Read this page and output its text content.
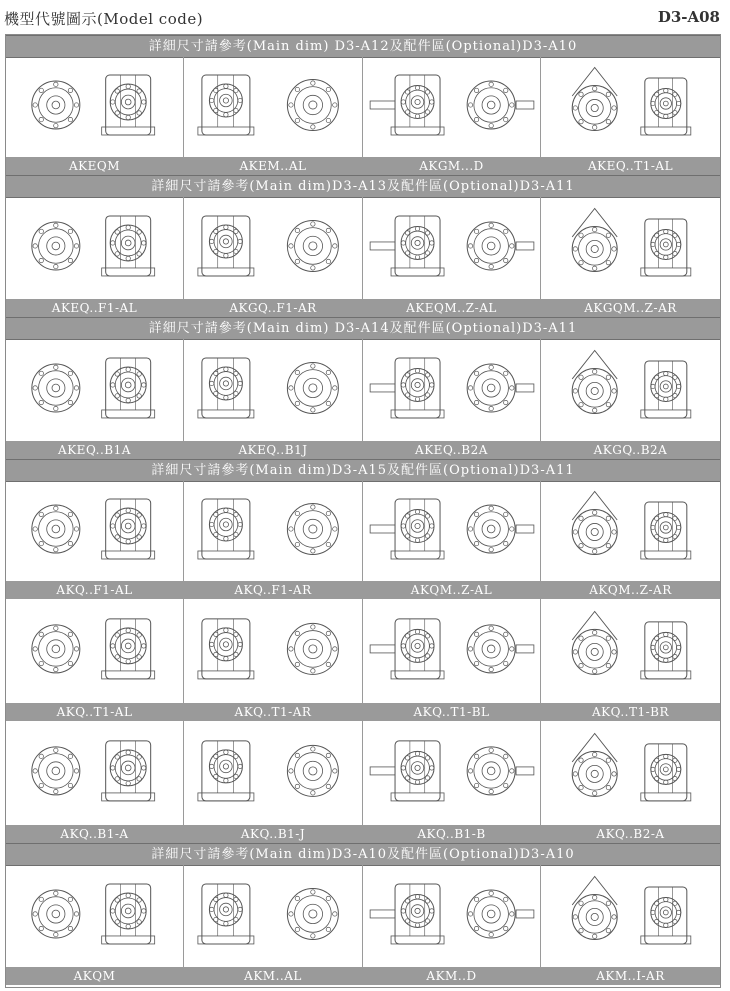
機型代號圖示(Model code)	D3-A08
詳細尺寸請參考(Main dim) D3-A12及配件區(Optional)D3-A10
AKEQM	AKEM..AL	AKGM...D	AKEQ..T1-AL
詳細尺寸請參考(Main dim)D3-A13及配件區(Optional)D3-A11
AKEQ..F1-AL	AKGQ..F1-AR	AKEQM..Z-AL	AKGQM..Z-AR
詳細尺寸請參考(Main dim) D3-A14及配件區(Optional)D3-A11
AKEQ..B1A	AKEQ..B1J	AKEQ..B2A	AKGQ..B2A
詳細尺寸請參考(Main dim)D3-A15及配件區(Optional)D3-A11
AKQ..F1-AL	AKQ..F1-AR	AKQM..Z-AL	AKQM..Z-AR
AKQ..T1-AL	AKQ..T1-AR	AKQ..T1-BL	AKQ..T1-BR
AKQ..B1-A	AKQ..B1-J	AKQ..B1-B	AKQ..B2-A
詳細尺寸請參考(Main dim)D3-A10及配件區(Optional)D3-A10
AKQM	AKM..AL	AKM..D	AKM..I-AR
